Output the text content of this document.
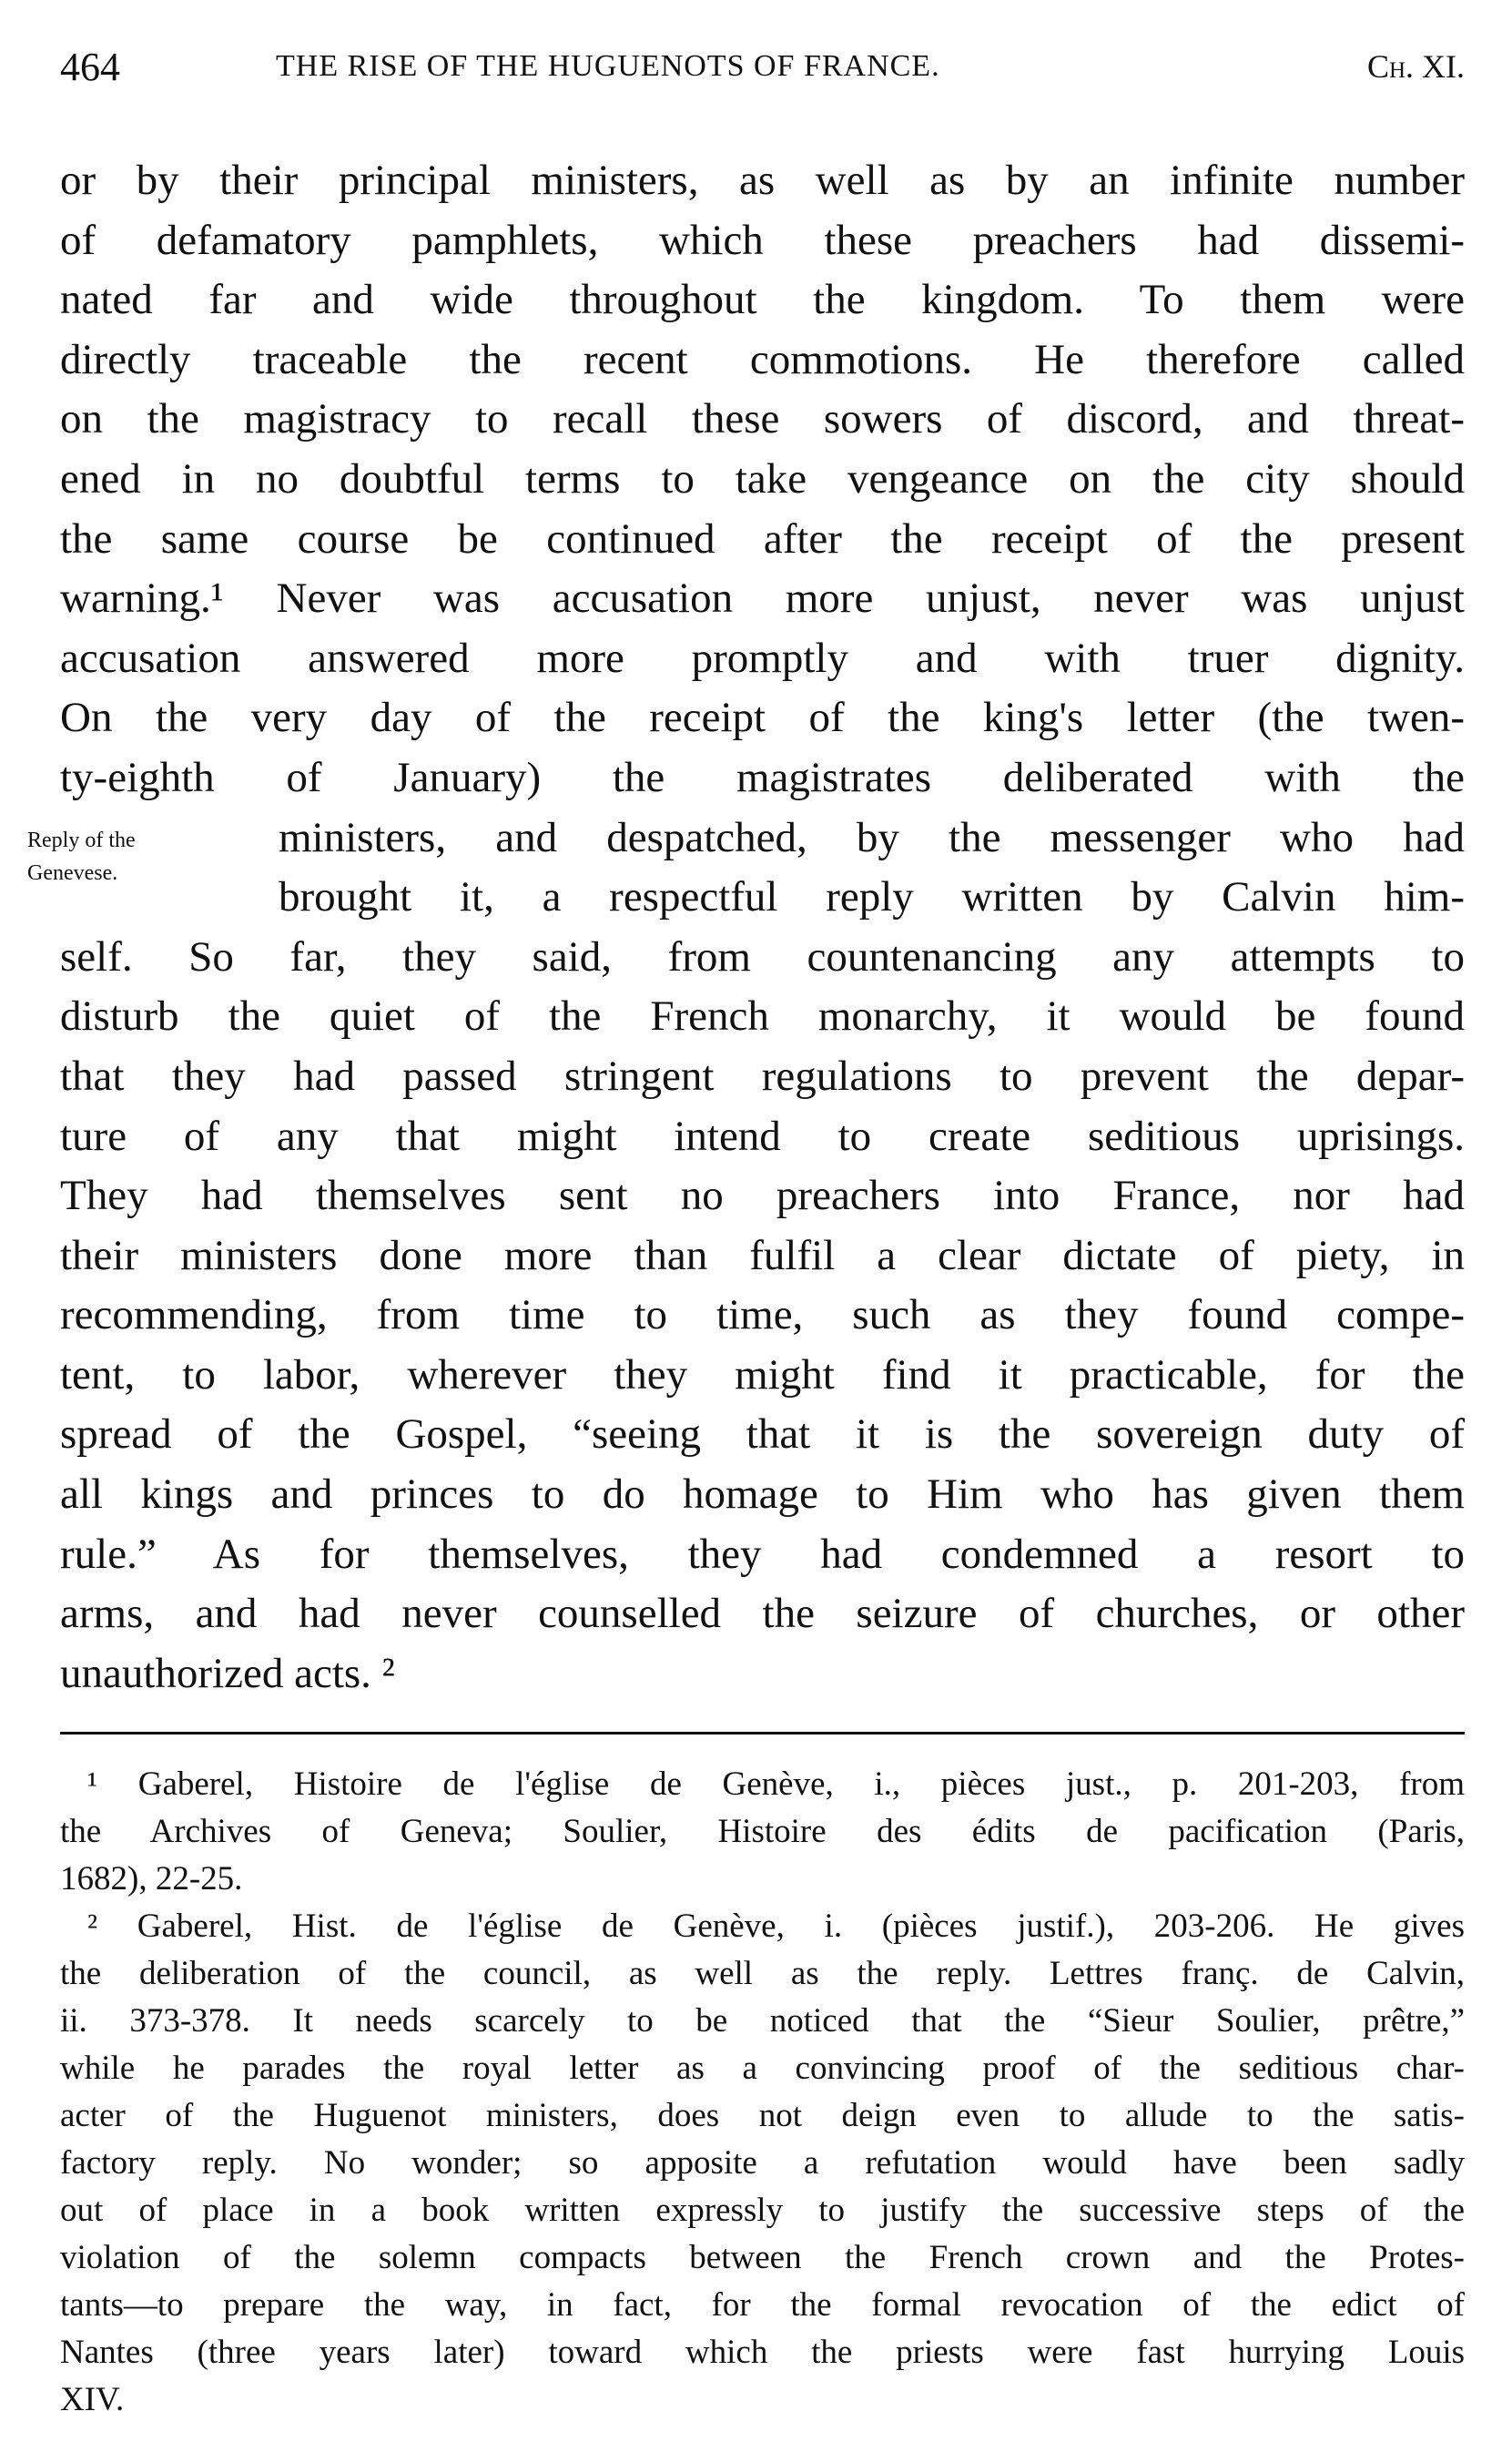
464	THE RISE OF THE HUGUENOTS OF FRANCE.	Ch. XI.
Reply of the
Genevese.
or by their principal ministers, as well as by an infinite number
of defamatory pamphlets, which these preachers had dissemi-
nated far and wide throughout the kingdom. To them were
directly traceable the recent commotions. He therefore called
on the magistracy to recall these sowers of discord, and threat-
ened in no doubtful terms to take vengeance on the city should
the same course be continued after the receipt of the present
warning.¹ Never was accusation more unjust, never was unjust
accusation answered more promptly and with truer dignity.
On the very day of the receipt of the king's letter (the twen-
ty-eighth of January) the magistrates deliberated with the
ministers, and despatched, by the messenger who had
brought it, a respectful reply written by Calvin him-
self. So far, they said, from countenancing any attempts to
disturb the quiet of the French monarchy, it would be found
that they had passed stringent regulations to prevent the depar-
ture of any that might intend to create seditious uprisings.
They had themselves sent no preachers into France, nor had
their ministers done more than fulfil a clear dictate of piety, in
recommending, from time to time, such as they found compe-
tent, to labor, wherever they might find it practicable, for the
spread of the Gospel, “seeing that it is the sovereign duty of
all kings and princes to do homage to Him who has given them
rule.” As for themselves, they had condemned a resort to
arms, and had never counselled the seizure of churches, or other
unauthorized acts. ²
¹ Gaberel, Histoire de l'église de Genève, i., pièces just., p. 201-203, from
the Archives of Geneva; Soulier, Histoire des édits de pacification (Paris,
1682), 22-25.
² Gaberel, Hist. de l'église de Genève, i. (pièces justif.), 203-206. He gives
the deliberation of the council, as well as the reply. Lettres franç. de Calvin,
ii. 373-378. It needs scarcely to be noticed that the “Sieur Soulier, prêtre,”
while he parades the royal letter as a convincing proof of the seditious char-
acter of the Huguenot ministers, does not deign even to allude to the satis-
factory reply. No wonder; so apposite a refutation would have been sadly
out of place in a book written expressly to justify the successive steps of the
violation of the solemn compacts between the French crown and the Protes-
tants—to prepare the way, in fact, for the formal revocation of the edict of
Nantes (three years later) toward which the priests were fast hurrying Louis
XIV.
